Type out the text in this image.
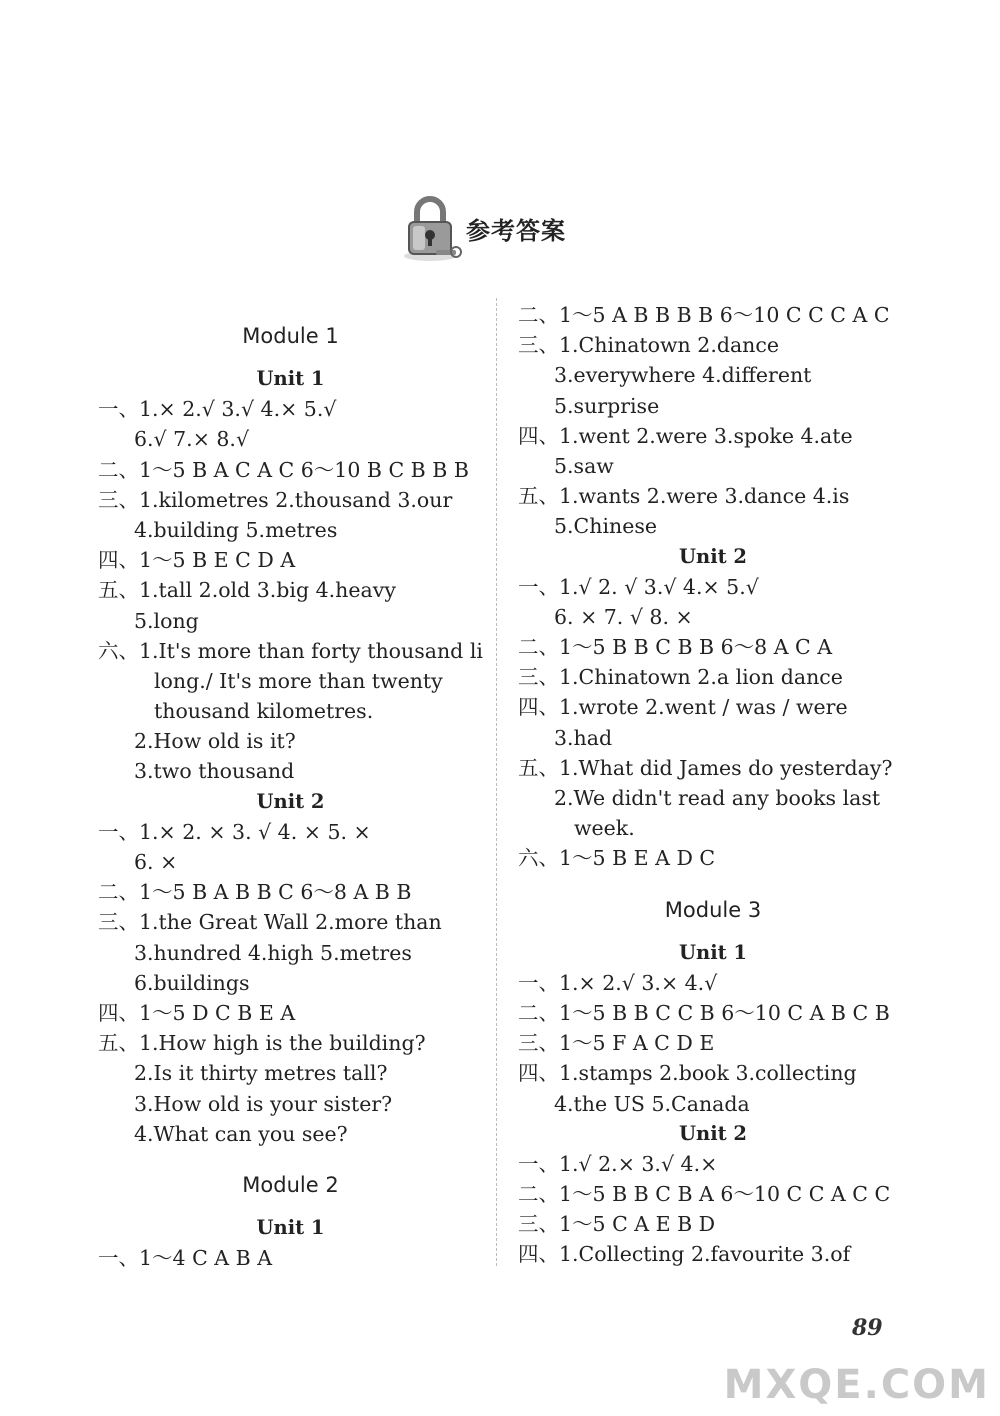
参考答案
Module 1
Unit 1
一、1.× 2.√ 3.√ 4.× 5.√
6.√ 7.× 8.√
二、1～5 B A C A C 6～10 B C B B B
三、1.kilometres 2.thousand 3.our
4.building 5.metres
四、1～5 B E C D A
五、1.tall 2.old 3.big 4.heavy
5.long
六、1.It's more than forty thousand li
long./ It's more than twenty
thousand kilometres.
2.How old is it?
3.two thousand
Unit 2
一、1.× 2. × 3. √ 4. × 5. ×
6. ×
二、1～5 B A B B C 6～8 A B B
三、1.the Great Wall 2.more than
3.hundred 4.high 5.metres
6.buildings
四、1～5 D C B E A
五、1.How high is the building?
2.Is it thirty metres tall?
3.How old is your sister?
4.What can you see?
Module 2
Unit 1
一、1～4 C A B A
二、1～5 A B B B B 6～10 C C C A C
三、1.Chinatown 2.dance
3.everywhere 4.different
5.surprise
四、1.went 2.were 3.spoke 4.ate
5.saw
五、1.wants 2.were 3.dance 4.is
5.Chinese
Unit 2
一、1.√ 2. √ 3.√ 4.× 5.√
6. × 7. √ 8. ×
二、1～5 B B C B B 6～8 A C A
三、1.Chinatown 2.a lion dance
四、1.wrote 2.went / was / were
3.had
五、1.What did James do yesterday?
2.We didn't read any books last
week.
六、1～5 B E A D C
Module 3
Unit 1
一、1.× 2.√ 3.× 4.√
二、1～5 B B C C B 6～10 C A B C B
三、1～5 F A C D E
四、1.stamps 2.book 3.collecting
4.the US 5.Canada
Unit 2
一、1.√ 2.× 3.√ 4.×
二、1～5 B B C B A 6～10 C C A C C
三、1～5 C A E B D
四、1.Collecting 2.favourite 3.of
89
MXQE.COM
